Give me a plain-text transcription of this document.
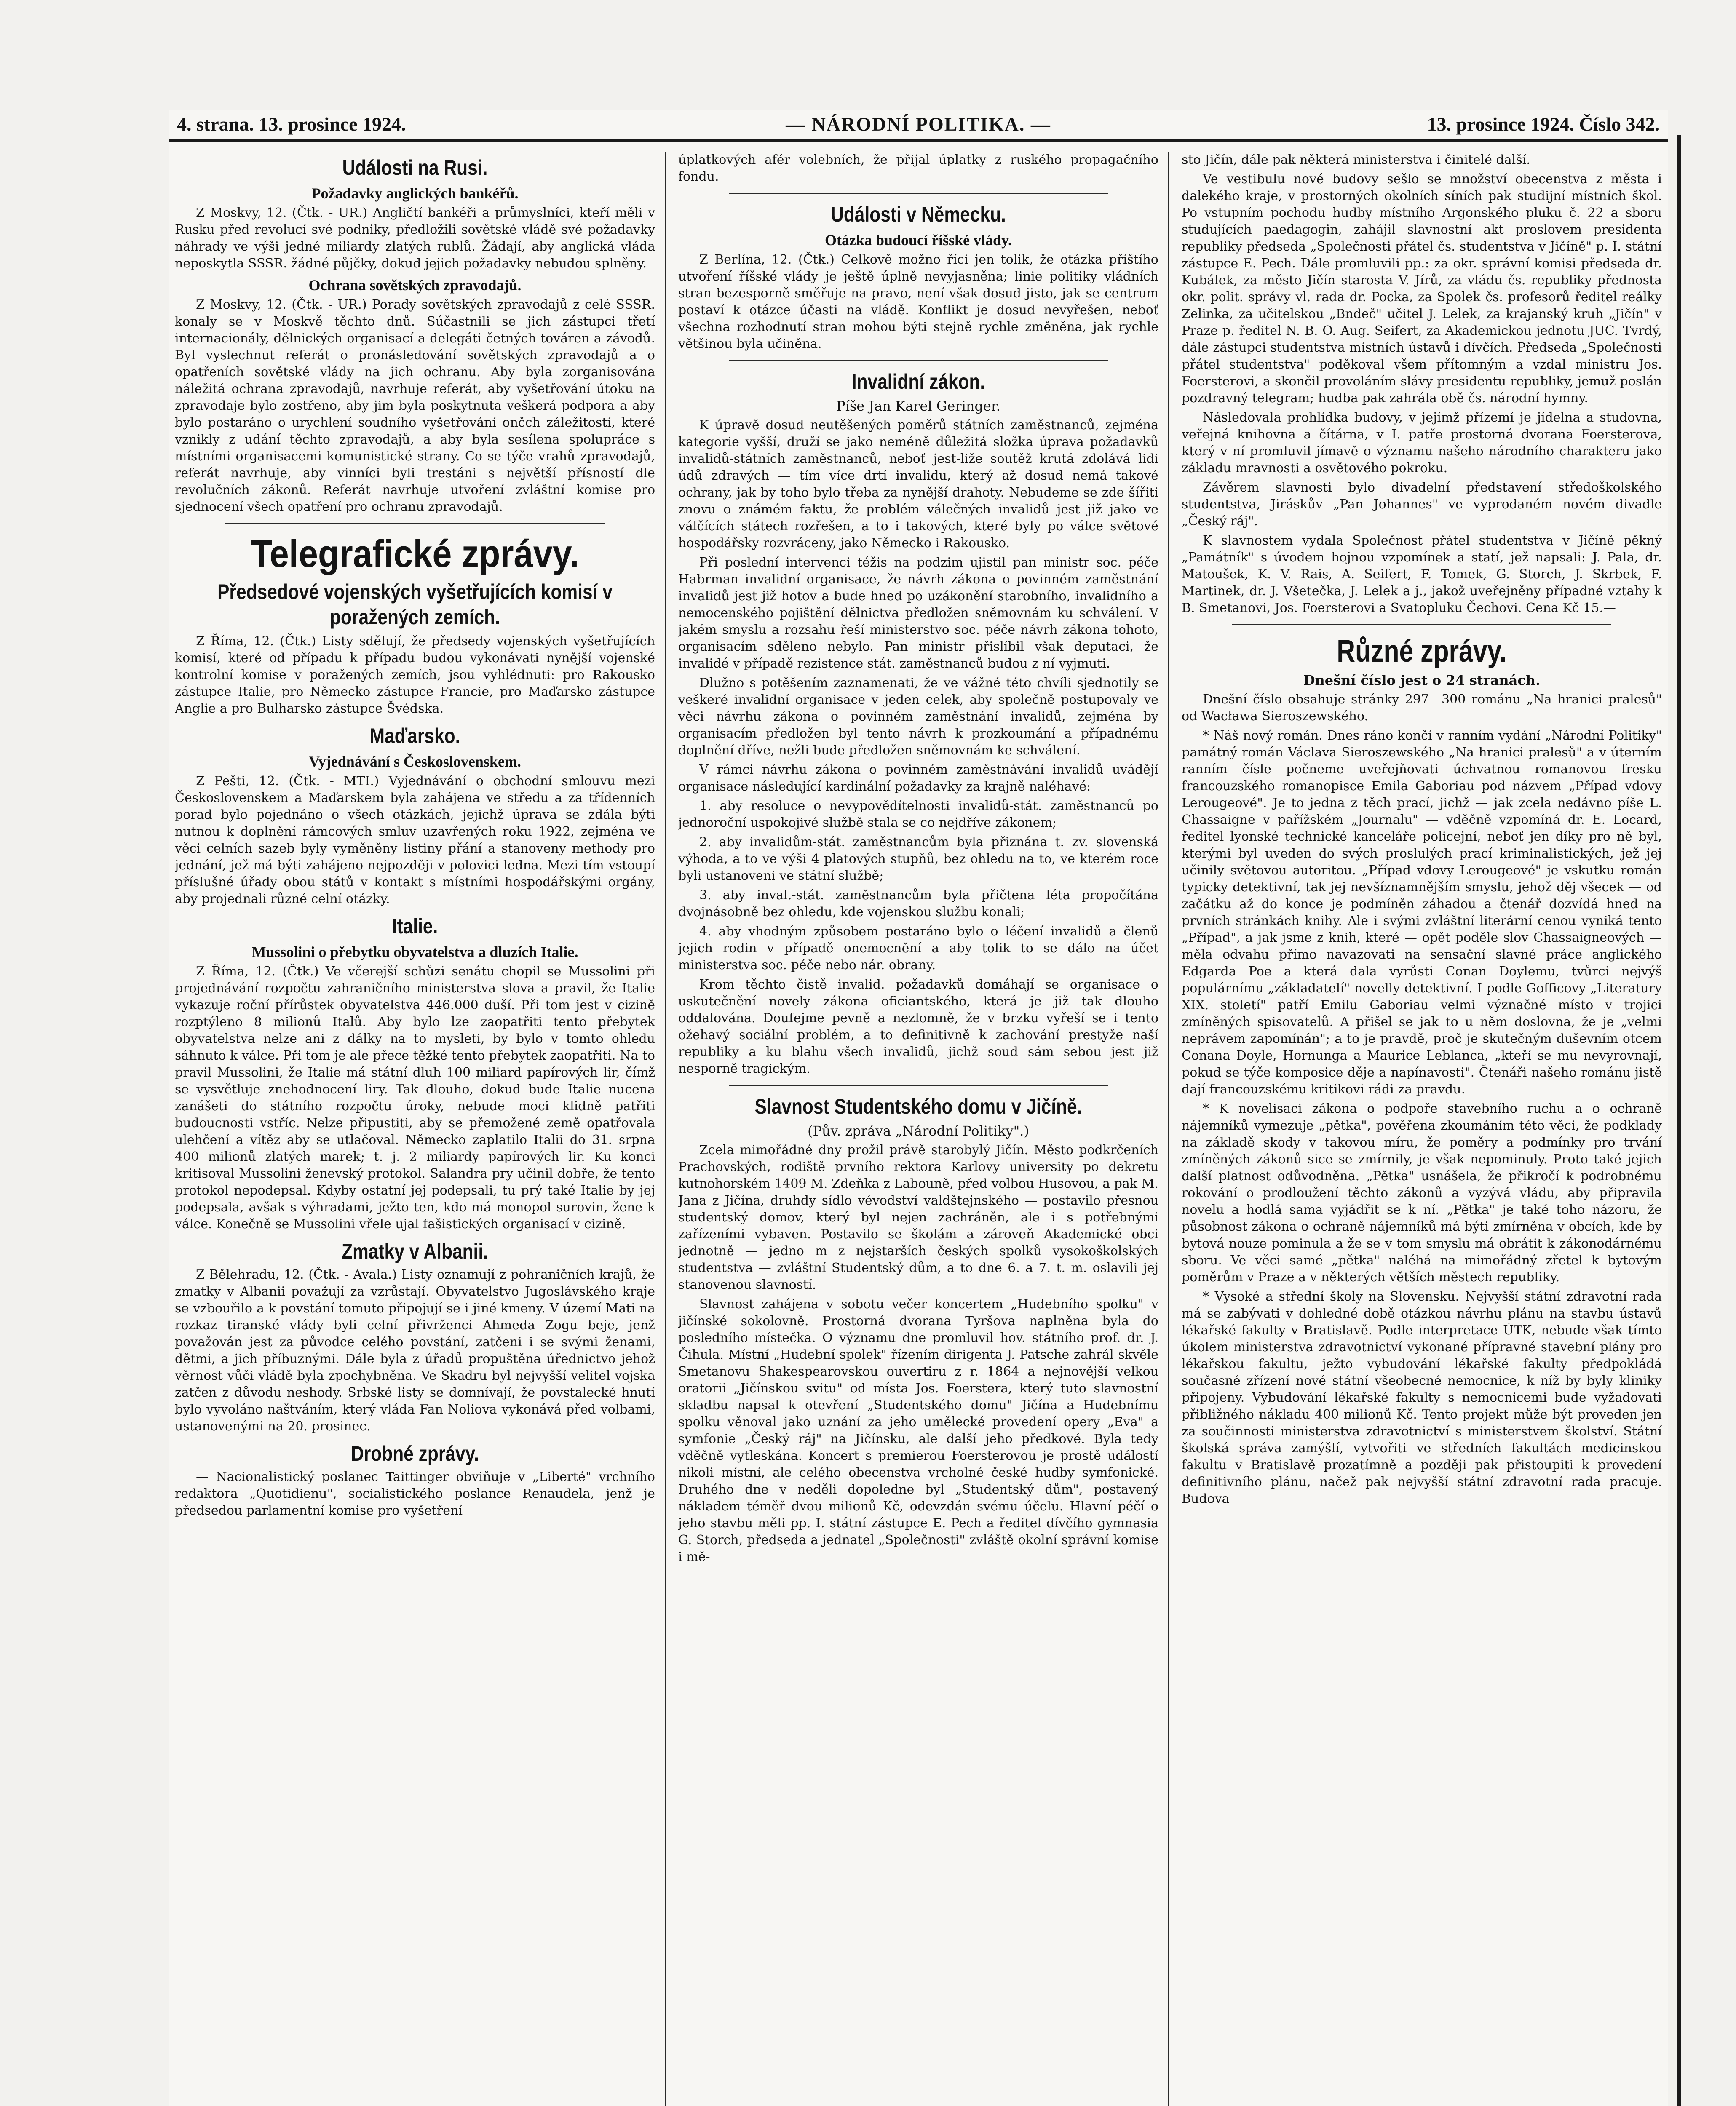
4. strana. 13. prosince 1924.	— NÁRODNÍ POLITIKA. —	13. prosince 1924. Číslo 342.
Události na Rusi.
Požadavky anglických bankéřů.

Z Moskvy, 12. (Čtk. - UR.) Angličtí bankéři a průmyslníci, kteří měli v Rusku před revolucí své podniky, předložili sovětské vládě své požadavky náhrady ve výši jedné miliardy zlatých rublů. Žádají, aby anglická vláda neposkytla SSSR. žádné půjčky, dokud jejich požadavky nebudou splněny.

Ochrana sovětských zpravodajů.

Z Moskvy, 12. (Čtk. - UR.) Porady sovětských zpravodajů z celé SSSR. konaly se v Moskvě těchto dnů. Súčastnili se jich zástupci třetí internacionály, dělnických organisací a delegáti četných továren a závodů. Byl vyslechnut referát o pronásledování sovětských zpravodajů a o opatřeních sovětské vlády na jich ochranu. Aby byla zorganisována náležitá ochrana zpravodajů, navrhuje referát, aby vyšetřování útoku na zpravodaje bylo zostřeno, aby jim byla poskytnuta veškerá podpora a aby bylo postaráno o urychlení soudního vyšetřování ončch záležitostí, které vznikly z udání těchto zpravodajů, a aby byla sesílena spolupráce s místními organisacemi komunistické strany. Co se týče vrahů zpravodajů, referát navrhuje, aby vinníci byli trestáni s největší přísností dle revolučních zákonů. Referát navrhuje utvoření zvláštní komise pro sjednocení všech opatření pro ochranu zpravodajů.

Telegrafické zprávy.
Předsedové vojenských vyšetřujících komisí v poražených zemích.

Z Říma, 12. (Čtk.) Listy sdělují, že předsedy vojenských vyšetřujících komisí, které od případu k případu budou vykonávati nynější vojenské kontrolní komise v poražených zemích, jsou vyhlédnuti: pro Rakousko zástupce Italie, pro Německo zástupce Francie, pro Maďarsko zástupce Anglie a pro Bulharsko zástupce Švédska.

Maďarsko.
Vyjednávání s Československem.

Z Pešti, 12. (Čtk. - MTI.) Vyjednávání o obchodní smlouvu mezi Československem a Maďarskem byla zahájena ve středu a za třídenních porad bylo pojednáno o všech otázkách, jejichž úprava se zdála býti nutnou k doplnění rámcových smluv uzavřených roku 1922, zejména ve věci celních sazeb byly vyměněny listiny přání a stanoveny methody pro jednání, jež má býti zahájeno nejpozději v polovici ledna. Mezi tím vstoupí příslušné úřady obou států v kontakt s místními hospodářskými orgány, aby projednali různé celní otázky.

Italie.
Mussolini o přebytku obyvatelstva a dluzích Italie.

Z Říma, 12. (Čtk.) Ve včerejší schůzi senátu chopil se Mussolini při projednávání rozpočtu zahraničního ministerstva slova a pravil, že Italie vykazuje roční přírůstek obyvatelstva 446.000 duší. Při tom jest v cizině rozptýleno 8 milionů Italů. Aby bylo lze zaopatřiti tento přebytek obyvatelstva nelze ani z dálky na to mysleti, by bylo v tomto ohledu sáhnuto k válce. Při tom je ale přece těžké tento přebytek zaopatřiti. Na to pravil Mussolini, že Italie má státní dluh 100 miliard papírových lir, čímž se vysvětluje znehodnocení liry. Tak dlouho, dokud bude Italie nucena zanášeti do státního rozpočtu úroky, nebude moci klidně patřiti budoucnosti vstříc. Nelze připustiti, aby se přemožené země opatřovala ulehčení a vítěz aby se utlačoval. Německo zaplatilo Italii do 31. srpna 400 milionů zlatých marek; t. j. 2 miliardy papírových lir. Ku konci kritisoval Mussolini ženevský protokol. Salandra pry učinil dobře, že tento protokol nepodepsal. Kdyby ostatní jej podepsali, tu prý také Italie by jej podepsala, avšak s výhradami, ježto ten, kdo má monopol surovin, žene k válce. Konečně se Mussolini vřele ujal fašistických organisací v cizině.

Zmatky v Albanii.

Z Bělehradu, 12. (Čtk. - Avala.) Listy oznamují z pohraničních krajů, že zmatky v Albanii považují za vzrůstají. Obyvatelstvo Jugoslávského kraje se vzbouřilo a k povstání tomuto připojují se i jiné kmeny. V území Mati na rozkaz tiranské vlády byli celní přivrženci Ahmeda Zogu beje, jenž považován jest za původce celého povstání, zatčeni i se svými ženami, dětmi, a jich příbuznými. Dále byla z úřadů propuštěna úřednictvo jehož věrnost vůči vládě byla zpochybněna. Ve Skadru byl nejvyšší velitel vojska zatčen z důvodu neshody. Srbské listy se domnívají, že povstalecké hnutí bylo vyvoláno naštváním, který vláda Fan Noliova vykonává před volbami, ustanovenými na 20. prosinec.

Drobné zprávy.

— Nacionalistický poslanec Taittinger obviňuje v „Liberté" vrchního redaktora „Quotidienu", socialistického poslance Renaudela, jenž je předsedou parlamentní komise pro vyšetření

úplatkových afér volebních, že přijal úplatky z ruského propagačního fondu.

Události v Německu.
Otázka budoucí říšské vlády.

Z Berlína, 12. (Čtk.) Celkově možno říci jen tolik, že otázka příštího utvoření říšské vlády je ještě úplně nevyjasněna; linie politiky vládních stran bezesporně směřuje na pravo, není však dosud jisto, jak se centrum postaví k otázce účasti na vládě. Konflikt je dosud nevyřešen, neboť všechna rozhodnutí stran mohou býti stejně rychle změněna, jak rychle většinou byla učiněna.

Invalidní zákon.

Píše Jan Karel Geringer.

K úpravě dosud neutěšených poměrů státních zaměstnanců, zejména kategorie vyšší, druží se jako neméně důležitá složka úprava požadavků invalidů-státních zaměstnanců, neboť jest-liže soutěž krutá zdolává lidi údů zdravých — tím více drtí invalidu, který až dosud nemá takové ochrany, jak by toho bylo třeba za nynější drahoty. Nebudeme se zde šířiti znovu o známém faktu, že problém válečných invalidů jest již jako ve válčících státech rozřešen, a to i takových, které byly po válce světové hospodářsky rozvráceny, jako Německo i Rakousko.

Při poslední intervenci téžis na podzim ujistil pan ministr soc. péče Habrman invalidní organisace, že návrh zákona o povinném zaměstnání invalidů jest již hotov a bude hned po uzákonění starobního, invalidního a nemocenského pojištění dělnictva předložen sněmovnám ku schválení. V jakém smyslu a rozsahu řeší ministerstvo soc. péče návrh zákona tohoto, organisacím sděleno nebylo. Pan ministr přislíbil však deputaci, že invalidé v případě rezistence stát. zaměstnanců budou z ní vyjmuti.

Dlužno s potěšením zaznamenati, že ve vážné této chvíli sjednotily se veškeré invalidní organisace v jeden celek, aby společně postupovaly ve věci návrhu zákona o povinném zaměstnání invalidů, zejména by organisacím předložen byl tento návrh k prozkoumání a případnému doplnění dříve, nežli bude předložen sněmovnám ke schválení.

V rámci návrhu zákona o povinném zaměstnávání invalidů uvádějí organisace následující kardinální požadavky za krajně naléhavé:

1. aby resoluce o nevypovědítelnosti invalidů-stát. zaměstnanců po jednoroční uspokojivé službě stala se co nejdříve zákonem;

2. aby invalidům-stát. zaměstnancům byla přiznána t. zv. slovenská výhoda, a to ve výši 4 platových stupňů, bez ohledu na to, ve kterém roce byli ustanoveni ve státní službě;

3. aby inval.-stát. zaměstnancům byla přičtena léta propočítána dvojnásobně bez ohledu, kde vojenskou službu konali;

4. aby vhodným způsobem postaráno bylo o léčení invalidů a členů jejich rodin v případě onemocnění a aby tolik to se dálo na účet ministerstva soc. péče nebo nár. obrany.

Krom těchto čistě invalid. požadavků domáhají se organisace o uskutečnění novely zákona oficiantského, která je již tak dlouho oddalována. Doufejme pevně a nezlomně, že v brzku vyřeší se i tento ožehavý sociální problém, a to definitivně k zachování prestyže naší republiky a ku blahu všech invalidů, jichž soud sám sebou jest již nesporně tragickým.

Slavnost Studentského domu v Jičíně.

(Pův. zpráva „Národní Politiky".)

Zcela mimořádné dny prožil právě starobylý Jičín. Město podkrčeních Prachovských, rodiště prvního rektora Karlovy university po dekretu kutnohorském 1409 M. Zdeňka z Labouně, před volbou Husovou, a pak M. Jana z Jičína, druhdy sídlo vévodství valdštejnského — postavilo přesnou studentský domov, který byl nejen zachráněn, ale i s potřebnými zařízeními vybaven. Postavilo se školám a zároveň Akademické obci jednotně — jedno m z nejstarších českých spolků vysokoškolských studentstva — zvláštní Studentský dům, a to dne 6. a 7. t. m. oslavili jej stanovenou slavností.

Slavnost zahájena v sobotu večer koncertem „Hudebního spolku" v jičínské sokolovně. Prostorná dvorana Tyršova naplněna byla do posledního místečka. O významu dne promluvil hov. státního prof. dr. J. Čihula. Místní „Hudební spolek" řízením dirigenta J. Patsche zahrál skvěle Smetanovu Shakespearovskou ouvertiru z r. 1864 a nejnovější velkou oratorii „Jičínskou svitu" od místa Jos. Foerstera, který tuto slavnostní skladbu napsal k otevření „Studentského domu" Jičína a Hudebnímu spolku věnoval jako uznání za jeho umělecké provedení opery „Eva" a symfonie „Český ráj" na Jičínsku, ale další jeho předkové. Byla tedy vděčně vytleskána. Koncert s premierou Foersterovou je prostě událostí nikoli místní, ale celého obecenstva vrcholné české hudby symfonické. Druhého dne v neděli dopoledne byl „Studentský dům", postavený nákladem téměř dvou milionů Kč, odevzdán svému účelu. Hlavní péčí o jeho stavbu měli pp. I. státní zástupce E. Pech a ředitel dívčího gymnasia G. Storch, předseda a jednatel „Společnosti" zvláště okolní správní komise i mě-

sto Jičín, dále pak některá ministerstva i činitelé další.

Ve vestibulu nové budovy sešlo se množství obecenstva z města i dalekého kraje, v prostorných okolních síních pak studijní místních škol. Po vstupním pochodu hudby místního Argonského pluku č. 22 a sboru studujících paedagogin, zahájil slavnostní akt proslovem presidenta republiky předseda „Společnosti přátel čs. studentstva v Jičíně" p. I. státní zástupce E. Pech. Dále promluvili pp.: za okr. správní komisi předseda dr. Kubálek, za město Jičín starosta V. Jírů, za vládu čs. republiky přednosta okr. polit. správy vl. rada dr. Pocka, za Spolek čs. profesorů ředitel reálky Zelinka, za učitelskou „Bndeč" učitel J. Lelek, za krajanský kruh „Jičín" v Praze p. ředitel N. B. O. Aug. Seifert, za Akademickou jednotu JUC. Tvrdý, dále zástupci studentstva místních ústavů i dívčích. Předseda „Společnosti přátel studentstva" poděkoval všem přítomným a vzdal ministru Jos. Foersterovi, a skončil provoláním slávy presidentu republiky, jemuž poslán pozdravný telegram; hudba pak zahrála obě čs. národní hymny.

Následovala prohlídka budovy, v jejímž přízemí je jídelna a studovna, veřejná knihovna a čítárna, v I. patře prostorná dvorana Foersterova, který v ní promluvil jímavě o významu našeho národního charakteru jako základu mravnosti a osvětového pokroku.

Závěrem slavnosti bylo divadelní představení středoškolského studentstva, Jiráskův „Pan Johannes" ve vyprodaném novém divadle „Český ráj".

K slavnostem vydala Společnost přátel studentstva v Jičíně pěkný „Památník" s úvodem hojnou vzpomínek a statí, jež napsali: J. Pala, dr. Matoušek, K. V. Rais, A. Seifert, F. Tomek, G. Storch, J. Skrbek, F. Martinek, dr. J. Všetečka, J. Lelek a j., jakož uveřejněny případné vztahy k B. Smetanovi, Jos. Foersterovi a Svatopluku Čechovi. Cena Kč 15.—

Různé zprávy.

Dnešní číslo jest o 24 stranách.

Dnešní číslo obsahuje stránky 297—300 románu „Na hranici pralesů" od Wacława Sieroszewského.

* Náš nový román. Dnes ráno končí v ranním vydání „Národní Politiky" památný román Václava Sieroszewského „Na hranici pralesů" a v úterním ranním čísle počneme uveřejňovati úchvatnou romanovou fresku francouzského romanopisce Emila Gaboriau pod názvem „Případ vdovy Lerougeové". Je to jedna z těch prací, jichž — jak zcela nedávno píše L. Chassaigne v pařížském „Journalu" — vděčně vzpomíná dr. E. Locard, ředitel lyonské technické kanceláře policejní, neboť jen díky pro ně byl, kterými byl uveden do svých proslulých prací kriminalistických, jež jej učinily světovou autoritou. „Případ vdovy Lerougeové" je vskutku román typicky detektivní, tak jej nevšíznamnějším smyslu, jehož děj všecek — od začátku až do konce je podmíněn záhadou a čtenář dozvídá hned na prvních stránkách knihy. Ale i svými zvláštní literární cenou vyniká tento „Případ", a jak jsme z knih, které — opět poděle slov Chassaigneových — měla odvahu přímo navazovati na sensační slavné práce anglického Edgarda Poe a která dala vyrůsti Conan Doylemu, tvůrci nejvýš populárnímu „základatelí" novelly detektivní. I podle Gofficovy „Literatury XIX. století" patří Emilu Gaboriau velmi význačné místo v trojici zmíněných spisovatelů. A přišel se jak to u něm doslovna, že je „velmi neprávem zapomínán"; a to je pravdě, proč je skutečným duševním otcem Conana Doyle, Hornunga a Maurice Leblanca, „kteří se mu nevyrovnají, pokud se týče komposice děje a napínavosti". Čtenáři našeho románu jistě dají francouzskému kritikovi rádi za pravdu.

* K novelisaci zákona o podpoře stavebního ruchu a o ochraně nájemníků vymezuje „pětka", pověřena zkoumáním této věci, že podklady na základě skody v takovou míru, že poměry a podmínky pro trvání zmíněných zákonů sice se zmírnily, je však nepominuly. Proto také jejich další platnost odůvodněna. „Pětka" usnášela, že přikročí k podrobnému rokování o prodloužení těchto zákonů a vyzývá vládu, aby připravila novelu a hodlá sama vyjádřit se k ní. „Pětka" je také toho názoru, že působnost zákona o ochraně nájemníků má býti zmírněna v obcích, kde by bytová nouze pominula a že se v tom smyslu má obrátit k zákonodárnému sboru. Ve věci samé „pětka" naléhá na mimořádný zřetel k bytovým poměrům v Praze a v některých větších městech republiky.

* Vysoké a střední školy na Slovensku. Nejvyšší státní zdravotní rada má se zabývati v dohledné době otázkou návrhu plánu na stavbu ústavů lékařské fakulty v Bratislavě. Podle interpretace ÚTK, nebude však tímto úkolem ministerstva zdravotnictví vykonané přípravné stavební plány pro lékařskou fakultu, ježto vybudování lékařské fakulty předpokládá současné zřízení nové státní všeobecné nemocnice, k níž by byly kliniky připojeny. Vybudování lékařské fakulty s nemocnicemi bude vyžadovati přibližného nákladu 400 milionů Kč. Tento projekt může být proveden jen za součinnosti ministerstva zdravotnictví s ministerstvem školství. Státní školská správa zamýšlí, vytvořiti ve středních fakultách medicinskou fakultu v Bratislavě prozatímně a později pak přistoupiti k provedení definitivního plánu, načež pak nejvyšší státní zdravotní rada pracuje. Budova
